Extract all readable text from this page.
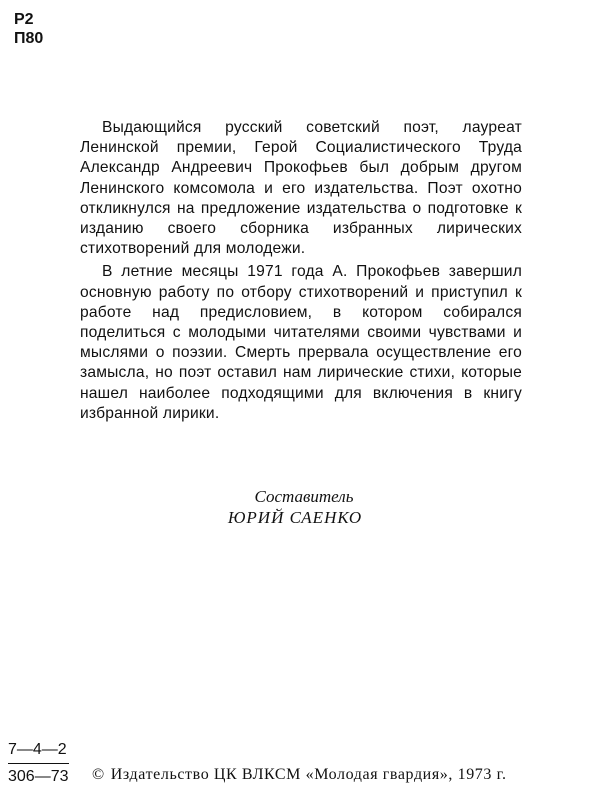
Р2
П80

Выдающийся русский советский поэт, лауреат Ленинской премии, Герой Социалистического Труда Александр Андреевич Прокофьев был добрым другом Ленинского комсомола и его издательства. Поэт охотно откликнулся на предложение издательства о подготовке к изданию своего сборника избранных лирических стихотворений для молодежи.

В летние месяцы 1971 года А. Прокофьев завершил основную работу по отбору стихотворений и приступил к работе над предисловием, в котором собирался поделиться с молодыми читателями своими чувствами и мыслями о поэзии. Смерть прервала осуществление его замысла, но поэт оставил нам лирические стихи, которые нашел наиболее подходящими для включения в книгу избранной лирики.

Составитель
ЮРИЙ САЕНКО
$\frac{7—4—2}{306—73}$ © Издательство ЦК ВЛКСМ «Молодая гвардия», 1973 г.
